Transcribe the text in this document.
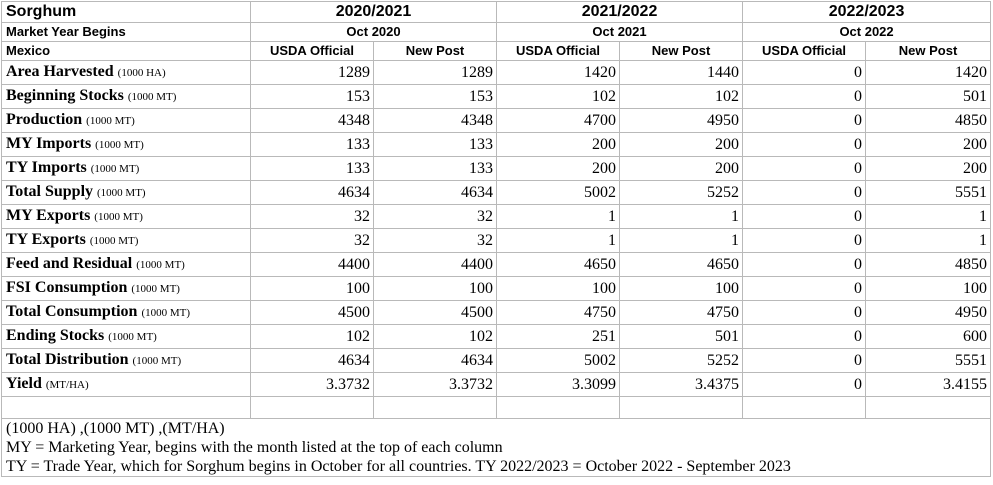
Sorghum	2020/2021		2021/2022		2022/2023	
Market Year Begins	Oct 2020		Oct 2021		Oct 2022	
Mexico	USDA Official	New Post	USDA Official	New Post	USDA Official	New Post
Area Harvested (1000 HA)	1289	1289	1420	1440	0	1420
Beginning Stocks (1000 MT)	153	153	102	102	0	501
Production (1000 MT)	4348	4348	4700	4950	0	4850
MY Imports (1000 MT)	133	133	200	200	0	200
TY Imports (1000 MT)	133	133	200	200	0	200
Total Supply (1000 MT)	4634	4634	5002	5252	0	5551
MY Exports (1000 MT)	32	32	1	1	0	1
TY Exports (1000 MT)	32	32	1	1	0	1
Feed and Residual (1000 MT)	4400	4400	4650	4650	0	4850
FSI Consumption (1000 MT)	100	100	100	100	0	100
Total Consumption (1000 MT)	4500	4500	4750	4750	0	4950
Ending Stocks (1000 MT)	102	102	251	501	0	600
Total Distribution (1000 MT)	4634	4634	5002	5252	0	5551
Yield (MT/HA)	3.3732	3.3732	3.3099	3.4375	0	3.4155

(1000 HA) ,(1000 MT) ,(MT/HA)
MY = Marketing Year, begins with the month listed at the top of each column
TY = Trade Year, which for Sorghum begins in October for all countries. TY 2022/2023 = October 2022 - September 2023						
